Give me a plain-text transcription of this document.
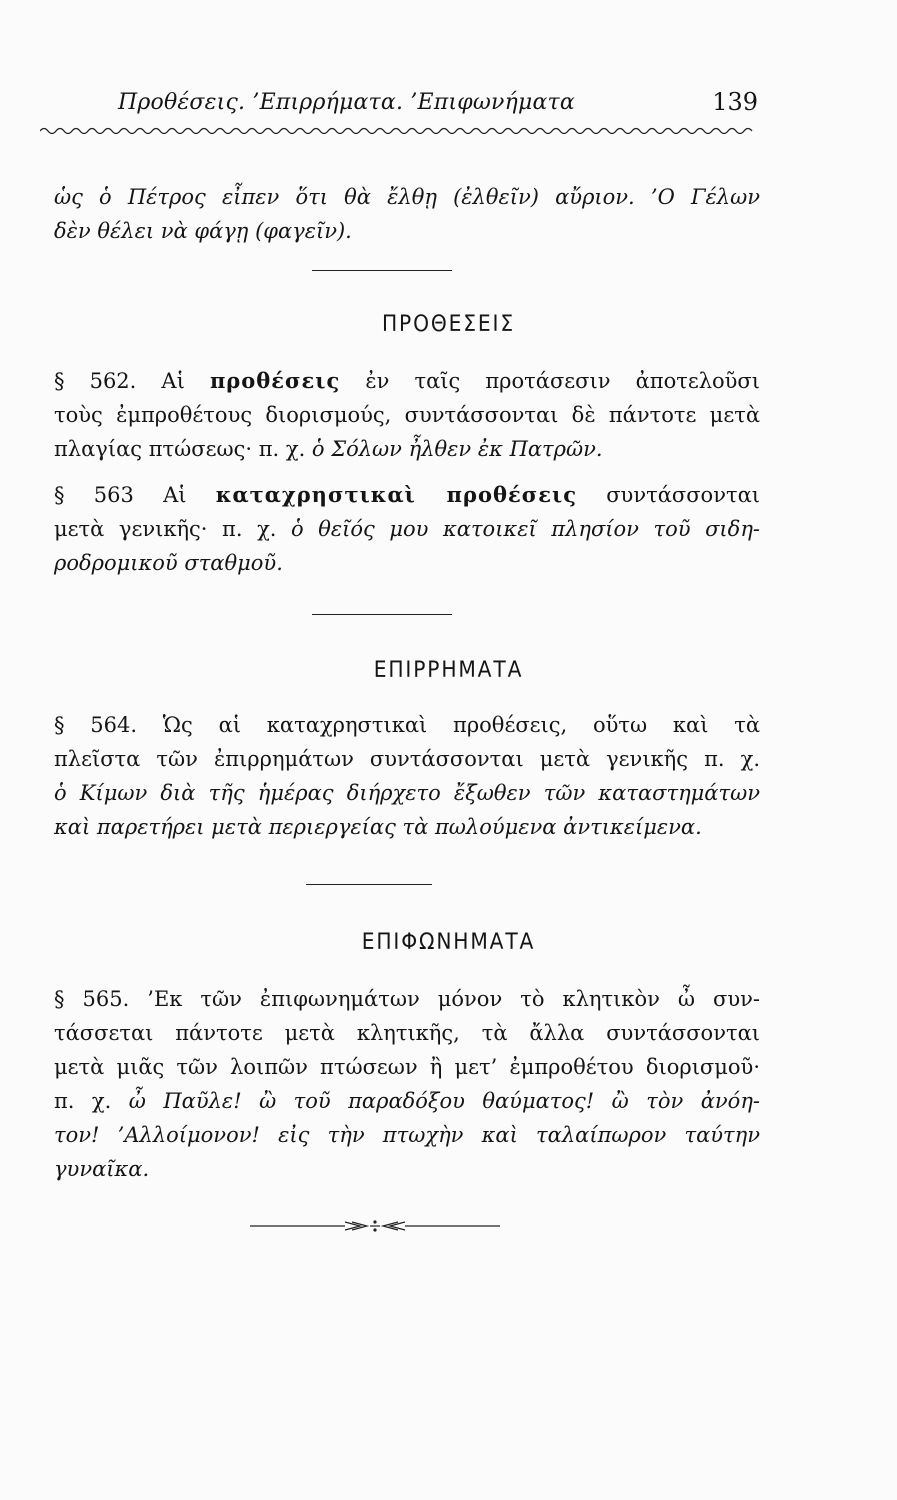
Προθέσεις. ’Επιρρήματα. ’Επιφωνήματα	139
ὡς ὁ Πέτρος εἶπεν ὅτι θὰ ἔλθῃ (ἐλθεῖν) αὔριον. ’Ο Γέλων
δὲν θέλει νὰ φάγῃ (φαγεῖν).
ΠΡΟΘΕΣΕΙΣ
§ 562. Αἱ προθέσεις ἐν ταῖς προτάσεσιν ἀποτελοῦσι
τοὺς ἐμπροθέτους διορισμούς, συντάσσονται δὲ πάντοτε μετὰ
πλαγίας πτώσεως· π. χ. ὁ Σόλων ἦλθεν ἐκ Πατρῶν.
§ 563 Αἱ καταχρηστικαὶ προθέσεις συντάσσονται
μετὰ γενικῆς· π. χ. ὁ θεῖός μου κατοικεῖ πλησίον τοῦ σιδη-
ροδρομικοῦ σταθμοῦ.
ΕΠΙΡΡΗΜΑΤΑ
§ 564. Ὡς αἱ καταχρηστικαὶ προθέσεις, οὕτω καὶ τὰ
πλεῖστα τῶν ἐπιρρημάτων συντάσσονται μετὰ γενικῆς π. χ.
ὁ Κίμων διὰ τῆς ἡμέρας διήρχετο ἔξωθεν τῶν καταστημάτων
καὶ παρετήρει μετὰ περιεργείας τὰ πωλούμενα ἀντικείμενα.
ΕΠΙΦΩΝΗΜΑΤΑ
§ 565. ’Εκ τῶν ἐπιφωνημάτων μόνον τὸ κλητικὸν ὦ συν-
τάσσεται πάντοτε μετὰ κλητικῆς, τὰ ἄλλα συντάσσονται
μετὰ μιᾶς τῶν λοιπῶν πτώσεων ἢ μετ’ ἐμπροθέτου διορισμοῦ·
π. χ. ὦ Παῦλε! ὢ τοῦ παραδόξου θαύματος! ὢ τὸν ἀνόη-
τον! ’Αλλοίμονον! εἰς τὴν πτωχὴν καὶ ταλαίπωρον ταύτην
γυναῖκα.
